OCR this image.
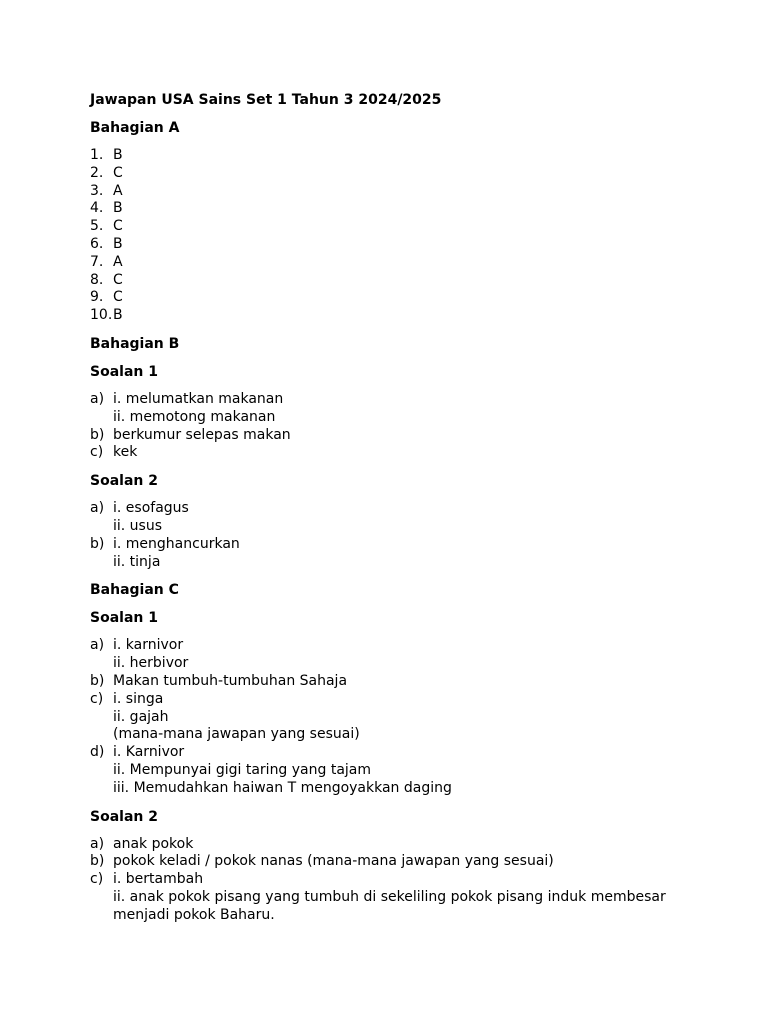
Jawapan USA Sains Set 1 Tahun 3 2024/2025
Bahagian A
1. B
2. C
3. A
4. B
5. C
6. B
7. A
8. C
9. C
10. B
Bahagian B
Soalan 1
a) i. melumatkan makanan
ii. memotong makanan
b) berkumur selepas makan
c) kek
Soalan 2
a) i. esofagus
ii. usus
b) i. menghancurkan
ii. tinja
Bahagian C
Soalan 1
a) i. karnivor
ii. herbivor
b) Makan tumbuh-tumbuhan Sahaja
c) i. singa
ii. gajah
(mana-mana jawapan yang sesuai)
d) i. Karnivor
ii. Mempunyai gigi taring yang tajam
iii. Memudahkan haiwan T mengoyakkan daging
Soalan 2
a) anak pokok
b) pokok keladi / pokok nanas (mana-mana jawapan yang sesuai)
c) i. bertambah
ii. anak pokok pisang yang tumbuh di sekeliling pokok pisang induk membesar
menjadi pokok Baharu.
